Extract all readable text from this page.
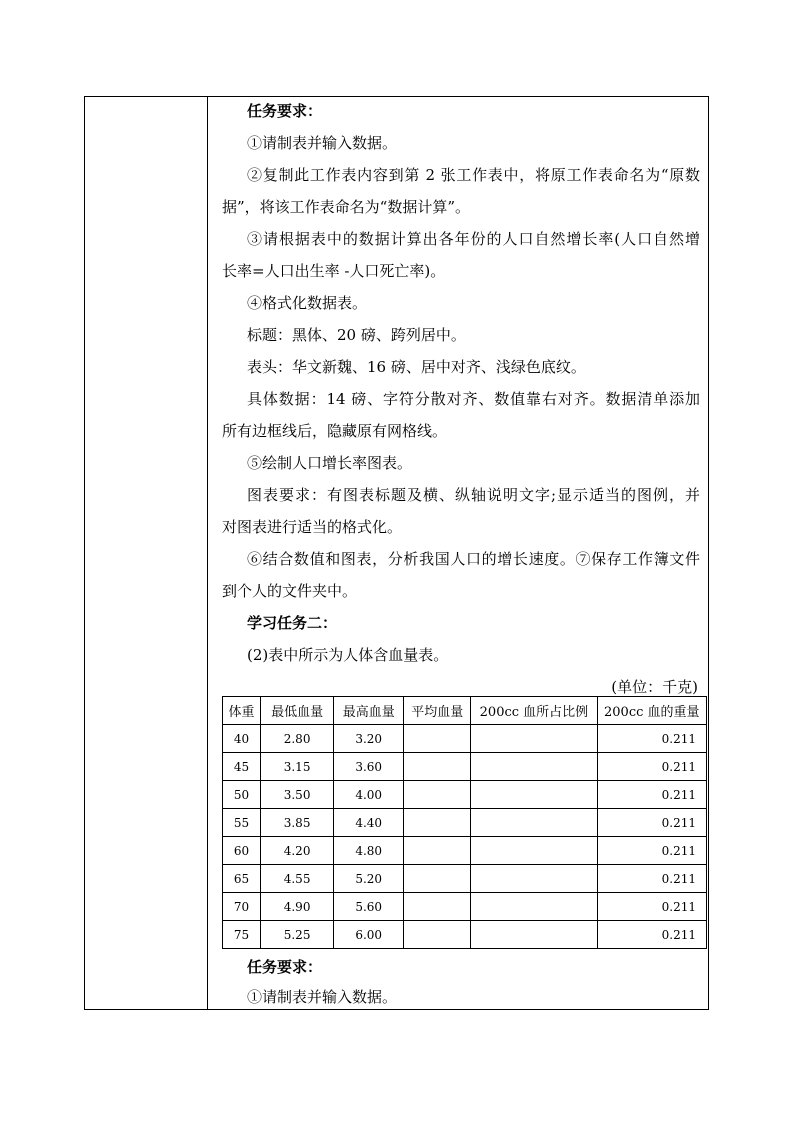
任务要求：
①请制表并输入数据。
②复制此工作表内容到第 2 张工作表中，将原工作表命名为“原数
据”，将该工作表命名为“数据计算”。
③请根据表中的数据计算出各年份的人口自然增长率(人口自然增
长率=人口出生率 -人口死亡率)。
④格式化数据表。
标题：黑体、20 磅、跨列居中。
表头：华文新魏、16 磅、居中对齐、浅绿色底纹。
具体数据：14 磅、字符分散对齐、数值靠右对齐。数据清单添加
所有边框线后，隐藏原有网格线。
⑤绘制人口增长率图表。
图表要求：有图表标题及横、纵轴说明文字;显示适当的图例，并
对图表进行适当的格式化。
⑥结合数值和图表，分析我国人口的增长速度。⑦保存工作簿文件
到个人的文件夹中。
学习任务二：
(2)表中所示为人体含血量表。
(单位：千克)
体重	最低血量	最高血量	平均血量	200cc 血所占比例	200cc 血的重量
40	2.80	3.20			0.211
45	3.15	3.60			0.211
50	3.50	4.00			0.211
55	3.85	4.40			0.211
60	4.20	4.80			0.211
65	4.55	5.20			0.211
70	4.90	5.60			0.211
75	5.25	6.00			0.211
任务要求：
①请制表并输入数据。
